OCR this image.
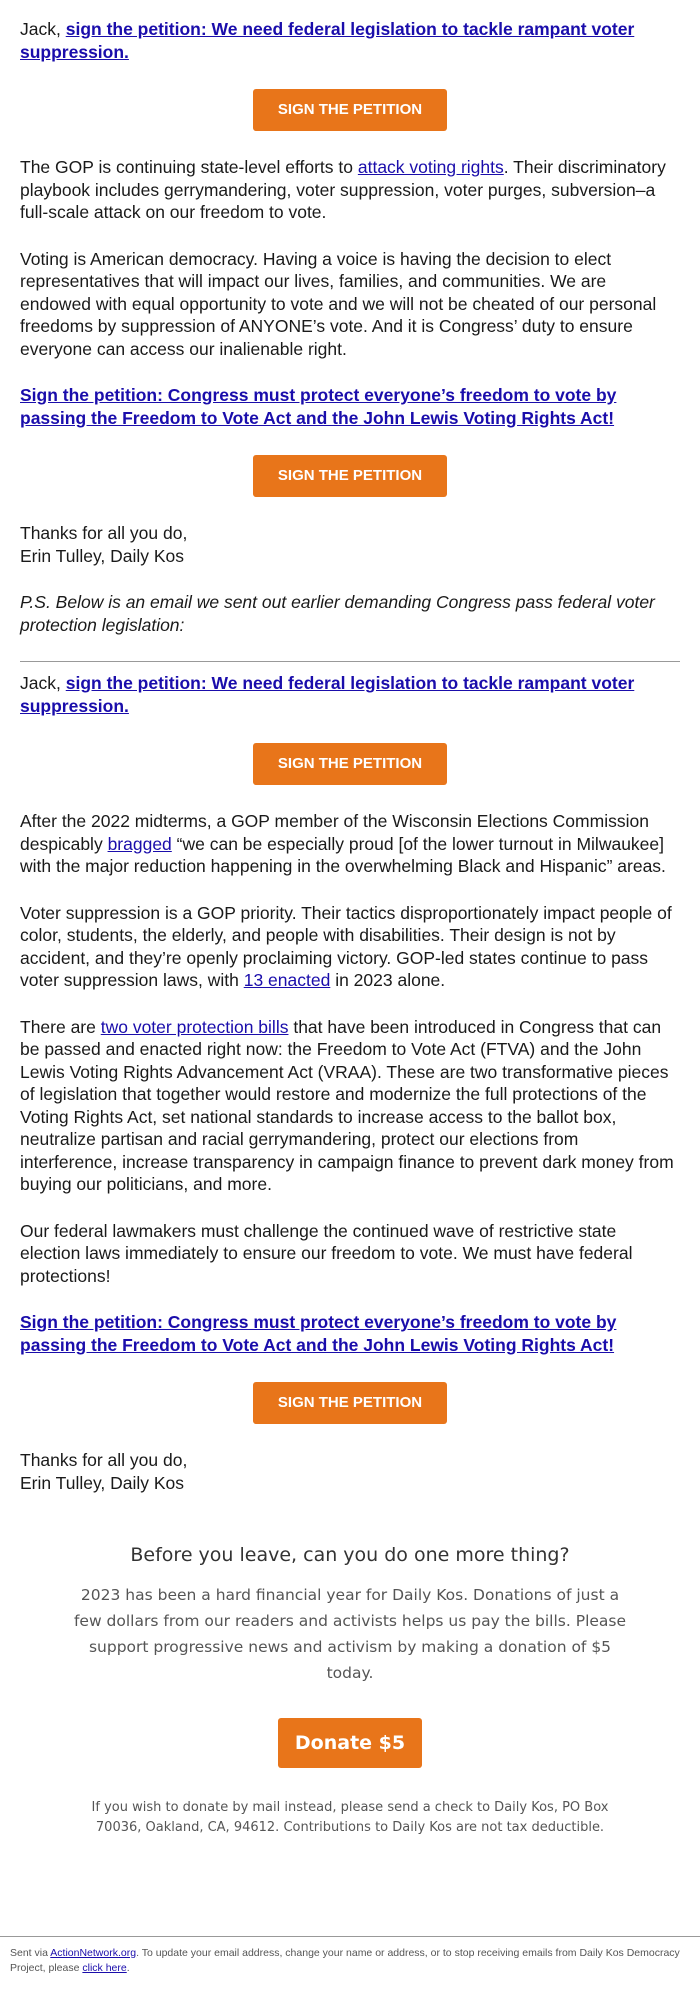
Jack, sign the petition: We need federal legislation to tackle rampant voter suppression.

SIGN THE PETITION

The GOP is continuing state-level efforts to attack voting rights. Their discriminatory playbook includes gerrymandering, voter suppression, voter purges, subversion–a full-scale attack on our freedom to vote.

Voting is American democracy. Having a voice is having the decision to elect representatives that will impact our lives, families, and communities. We are endowed with equal opportunity to vote and we will not be cheated of our personal freedoms by suppression of ANYONE’s vote. And it is Congress’ duty to ensure everyone can access our inalienable right.

Sign the petition: Congress must protect everyone’s freedom to vote by passing the Freedom to Vote Act and the John Lewis Voting Rights Act!

SIGN THE PETITION

Thanks for all you do,

Erin Tulley, Daily Kos

P.S. Below is an email we sent out earlier demanding Congress pass federal voter protection legislation:

Jack, sign the petition: We need federal legislation to tackle rampant voter suppression.

SIGN THE PETITION

After the 2022 midterms, a GOP member of the Wisconsin Elections Commission despicably bragged “we can be especially proud [of the lower turnout in Milwaukee] with the major reduction happening in the overwhelming Black and Hispanic” areas.

Voter suppression is a GOP priority. Their tactics disproportionately impact people of color, students, the elderly, and people with disabilities. Their design is not by accident, and they’re openly proclaiming victory. GOP-led states continue to pass voter suppression laws, with 13 enacted in 2023 alone.

There are two voter protection bills that have been introduced in Congress that can be passed and enacted right now: the Freedom to Vote Act (FTVA) and the John Lewis Voting Rights Advancement Act (VRAA). These are two transformative pieces of legislation that together would restore and modernize the full protections of the Voting Rights Act, set national standards to increase access to the ballot box, neutralize partisan and racial gerrymandering, protect our elections from interference, increase transparency in campaign finance to prevent dark money from buying our politicians, and more.

Our federal lawmakers must challenge the continued wave of restrictive state election laws immediately to ensure our freedom to vote. We must have federal protections!

Sign the petition: Congress must protect everyone’s freedom to vote by passing the Freedom to Vote Act and the John Lewis Voting Rights Act!

SIGN THE PETITION

Thanks for all you do,

Erin Tulley, Daily Kos

Before you leave, can you do one more thing?

2023 has been a hard financial year for Daily Kos. Donations of just a few dollars from our readers and activists helps us pay the bills. Please support progressive news and activism by making a donation of $5 today.

Donate $5

If you wish to donate by mail instead, please send a check to Daily Kos, PO Box 70036, Oakland, CA, 94612. Contributions to Daily Kos are not tax deductible.

Sent via ActionNetwork.org. To update your email address, change your name or address, or to stop receiving emails from Daily Kos Democracy Project, please click here.
